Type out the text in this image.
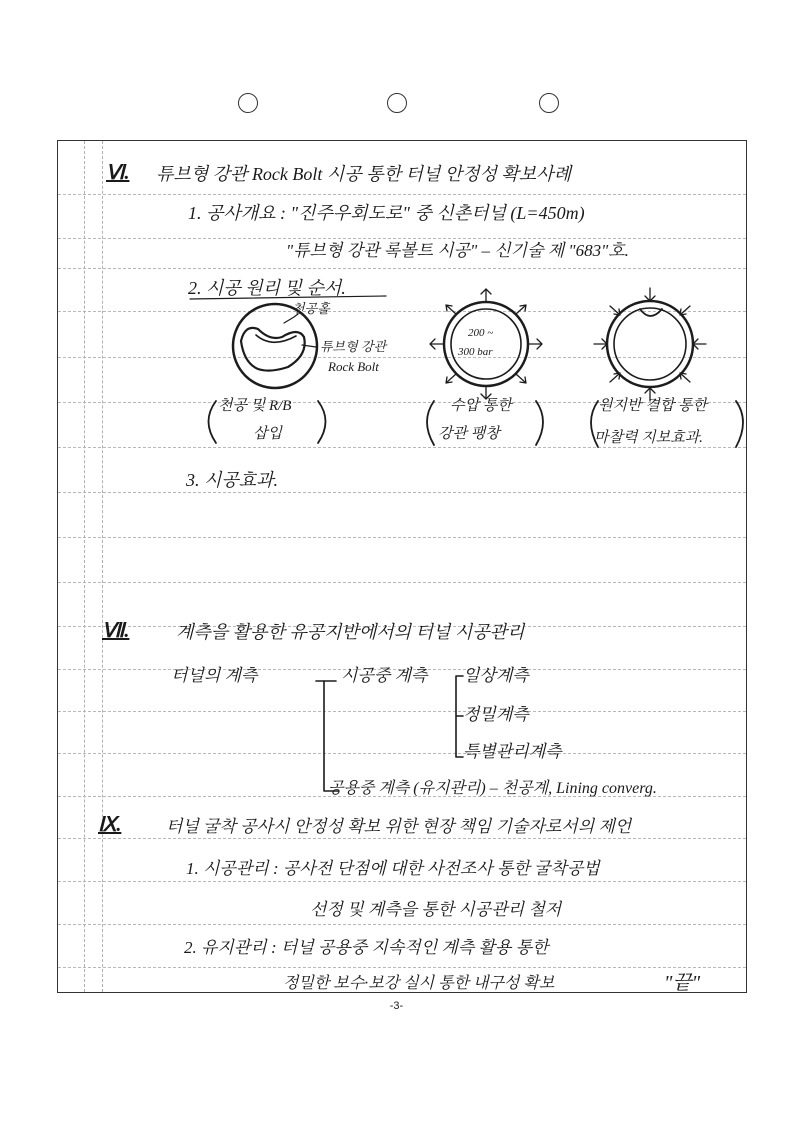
Ⅵ. 튜브형 강관 Rock Bolt 시공 통한 터널 안정성 확보사례
1. 공사개요 : "진주우회도로" 중 신촌터널 (L=450m)
"튜브형 강관 록볼트 시공" – 신기술 제 "683"호.
2. 시공 원리 및 순서.
천공홀
튜브형 강관
Rock Bolt
200 ~
300 bar
천공 및 R/B
삽입
수압 통한
강관 팽창
원지반 결합 통한
마찰력 지보효과.
3. 시공효과.
Ⅶ.	계측을 활용한 유공지반에서의 터널 시공관리
터널의 계측	시공중 계측 일상계측
정밀계측
특별관리계측
공용중 계측 (유지관리) – 천공계, Lining converg.
Ⅸ.	터널 굴착 공사시 안정성 확보 위한 현장 책임 기술자로서의 제언
1. 시공관리 : 공사전 단점에 대한 사전조사 통한 굴착공법
선정 및 계측을 통한 시공관리 철저
2. 유지관리 : 터널 공용중 지속적인 계측 활용 통한
정밀한 보수·보강 실시 통한 내구성 확보	"끝"
-3-
